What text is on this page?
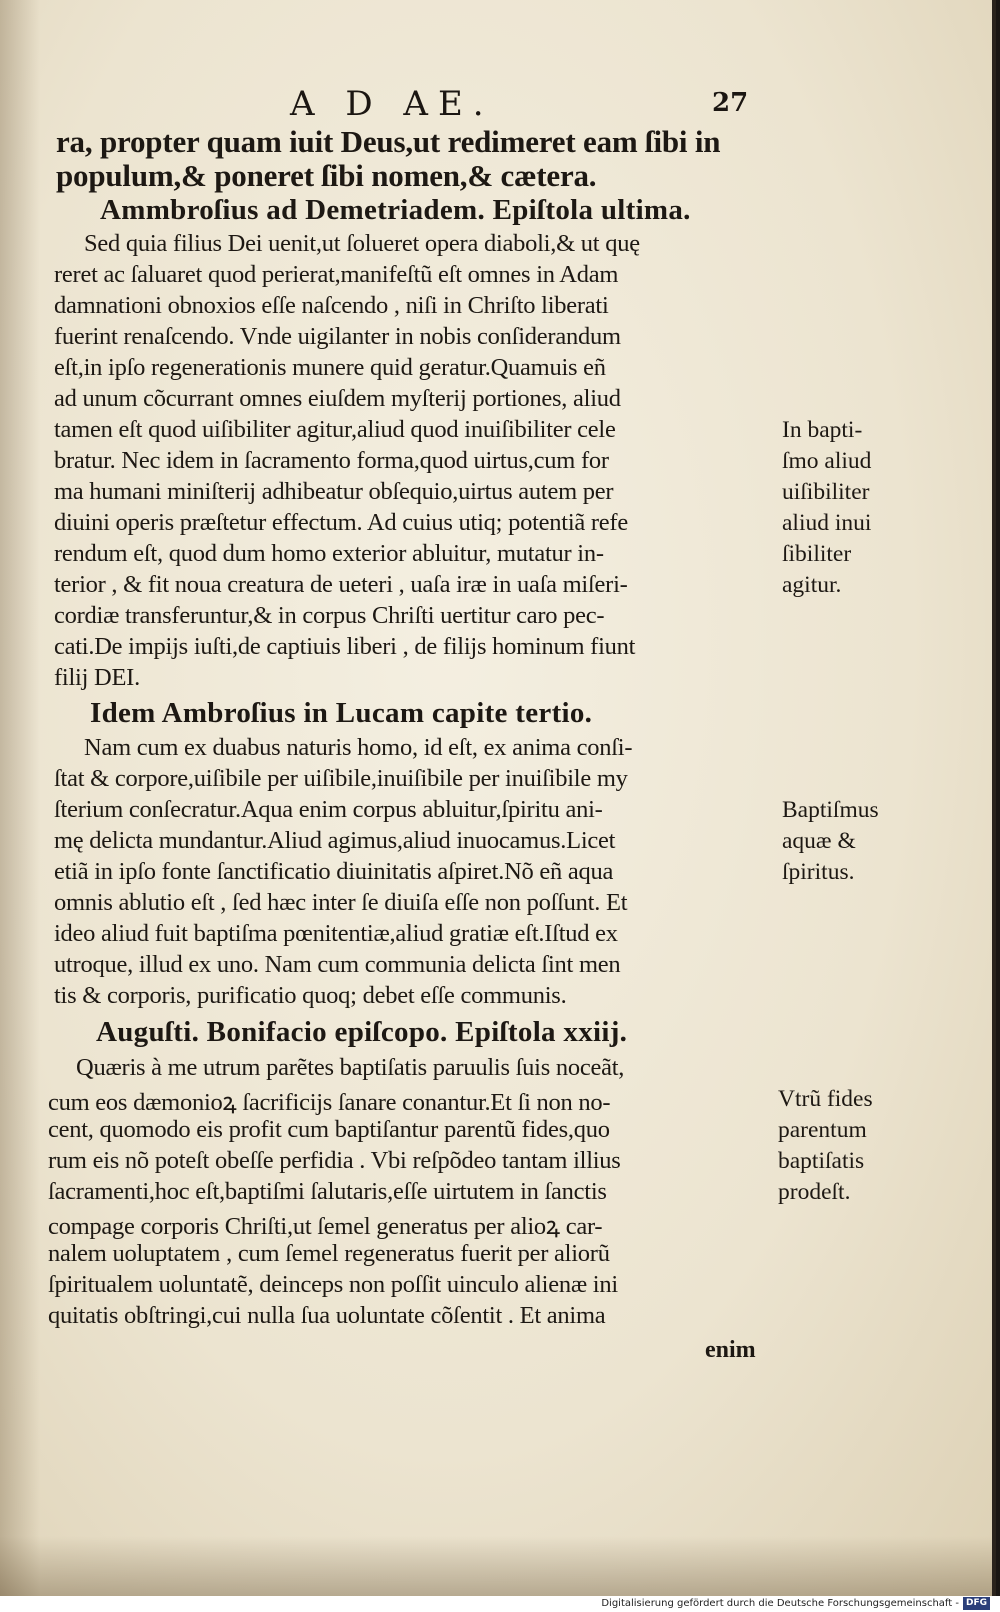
A D AE.	27
ra, propter quam iuit Deus,ut redimeret eam ſibi in
populum,& poneret ſibi nomen,& cætera.
Ammbroſius ad Demetriadem. Epiſtola ultima.
Sed quia filius Dei uenit,ut ſolueret opera diaboli,& ut quę
reret ac ſaluaret quod perierat,manifeſtũ eſt omnes in Adam
damnationi obnoxios eſſe naſcendo , niſi in Chriſto liberati
fuerint renaſcendo. Vnde uigilanter in nobis conſiderandum
eſt,in ipſo regenerationis munere quid geratur.Quamuis eñ
ad unum cõcurrant omnes eiuſdem myſterij portiones, aliud
tamen eſt quod uiſibiliter agitur,aliud quod inuiſibiliter cele
bratur. Nec idem in ſacramento forma,quod uirtus,cum for
ma humani miniſterij adhibeatur obſequio,uirtus autem per
diuini operis præſtetur effectum. Ad cuius utiq; potentiã refe
rendum eſt, quod dum homo exterior abluitur, mutatur in-
terior , & fit noua creatura de ueteri , uaſa iræ in uaſa miſeri-
cordiæ transferuntur,& in corpus Chriſti uertitur caro pec-
cati.De impijs iuſti,de captiuis liberi , de filijs hominum fiunt
filij DEI.
Idem Ambroſius in Lucam capite tertio.
Nam cum ex duabus naturis homo, id eſt, ex anima conſi-
ſtat & corpore,uiſibile per uiſibile,inuiſibile per inuiſibile my
ſterium conſecratur.Aqua enim corpus abluitur,ſpiritu ani-
mę delicta mundantur.Aliud agimus,aliud inuocamus.Licet
etiã in ipſo fonte ſanctificatio diuinitatis aſpiret.Nõ eñ aqua
omnis ablutio eſt , ſed hæc inter ſe diuiſa eſſe non poſſunt. Et
ideo aliud fuit baptiſma pœnitentiæ,aliud gratiæ eſt.Iſtud ex
utroque, illud ex uno. Nam cum communia delicta ſint men
tis & corporis, purificatio quoq; debet eſſe communis.
Auguſti. Bonifacio epiſcopo. Epiſtola xxiij.
Quæris à me utrum parẽtes baptiſatis paruulis ſuis noceãt,
cum eos dæmonioꝝ ſacrificijs ſanare conantur.Et ſi non no-
cent, quomodo eis profit cum baptiſantur parentũ fides,quo
rum eis nõ poteſt obeſſe perfidia . Vbi reſpõdeo tantam illius
ſacramenti,hoc eſt,baptiſmi ſalutaris,eſſe uirtutem in ſanctis
compage corporis Chriſti,ut ſemel generatus per alioꝝ car-
nalem uoluptatem , cum ſemel regeneratus fuerit per aliorũ
ſpiritualem uoluntatẽ, deinceps non poſſit uinculo alienæ ini
quitatis obſtringi,cui nulla ſua uoluntate cõſentit . Et anima
enim
In bapti-
ſmo aliud
uiſibiliter
aliud inui
ſibiliter
agitur.
Baptiſmus
aquæ &
ſpiritus.
Vtrũ fides
parentum
baptiſatis
prodeſt.
Digitalisierung gefördert durch die Deutsche Forschungsgemeinschaft - DFG
